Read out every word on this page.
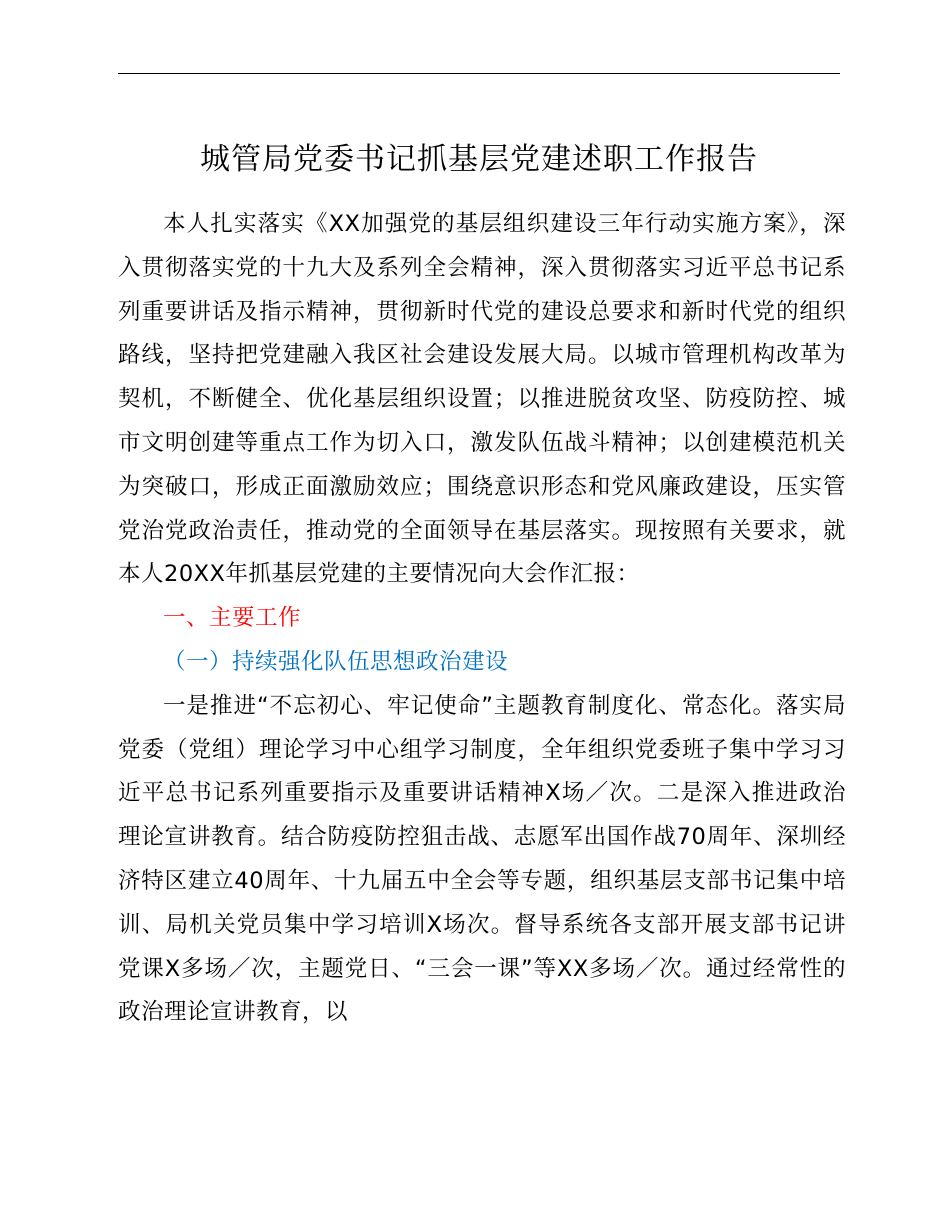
城管局党委书记抓基层党建述职工作报告

本人扎实落实《XX加强党的基层组织建设三年行动实施方案》，深入贯彻落实党的十九大及系列全会精神，深入贯彻落实习近平总书记系列重要讲话及指示精神，贯彻新时代党的建设总要求和新时代党的组织路线，坚持把党建融入我区社会建设发展大局。以城市管理机构改革为契机，不断健全、优化基层组织设置；以推进脱贫攻坚、防疫防控、城市文明创建等重点工作为切入口，激发队伍战斗精神；以创建模范机关为突破口，形成正面激励效应；围绕意识形态和党风廉政建设，压实管党治党政治责任，推动党的全面领导在基层落实。现按照有关要求，就本人20XX年抓基层党建的主要情况向大会作汇报：

一、主要工作

（一）持续强化队伍思想政治建设

一是推进“不忘初心、牢记使命”主题教育制度化、常态化。落实局党委（党组）理论学习中心组学习制度，全年组织党委班子集中学习习近平总书记系列重要指示及重要讲话精神X场／次。二是深入推进政治理论宣讲教育。结合防疫防控狙击战、志愿军出国作战70周年、深圳经济特区建立40周年、十九届五中全会等专题，组织基层支部书记集中培训、局机关党员集中学习培训X场次。督导系统各支部开展支部书记讲党课X多场／次，主题党日、“三会一课”等XX多场／次。通过经常性的政治理论宣讲教育，以
